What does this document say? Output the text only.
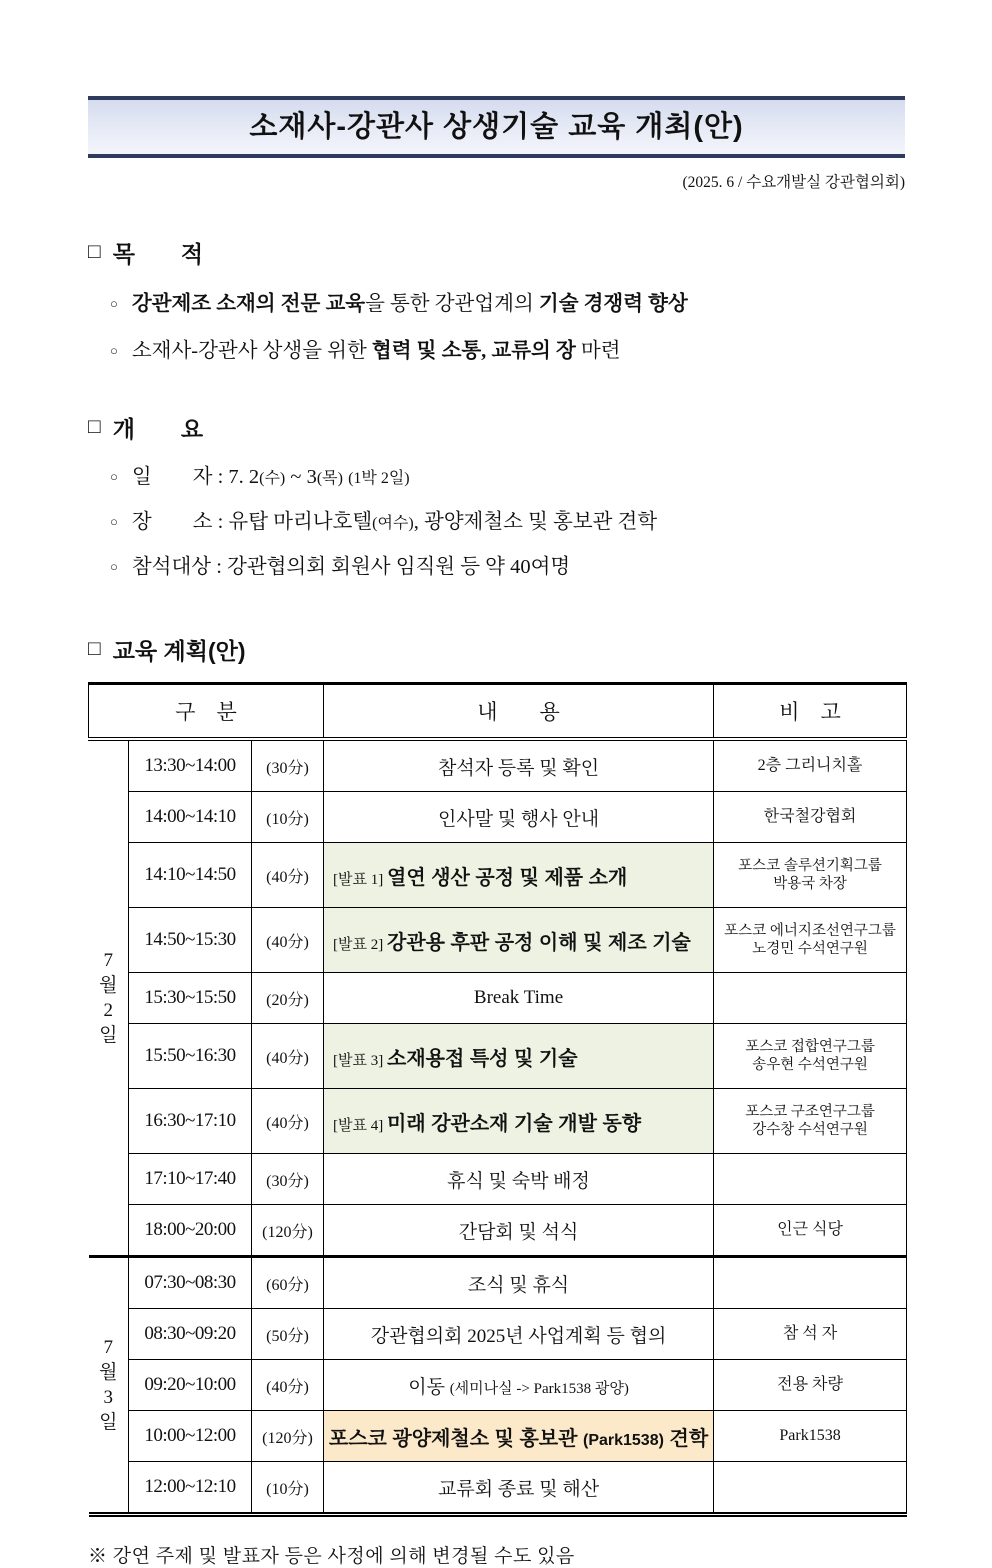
소재사-강관사 상생기술 교육 개최(안)
(2025. 6 / 수요개발실 강관협의회)
□ 목　　적
○ 강관제조 소재의 전문 교육을 통한 강관업계의 기술 경쟁력 향상
○ 소재사-강관사 상생을 위한 협력 및 소통, 교류의 장 마련
□ 개　　요
○ 일　　자 : 7. 2(수) ~ 3(목) (1박 2일)
○ 장　　소 : 유탑 마리나호텔(여수), 광양제철소 및 홍보관 견학
○ 참석대상 : 강관협의회 회원사 임직원 등 약 40여명
□ 교육 계획(안)
구　분			내　　용	비　고

7
월
2
일	13:30~14:00	(30分)	참석자 등록 및 확인	2층 그리니치홀

	14:00~14:10	(10分)	인사말 및 행사 안내	한국철강협회

	14:10~14:50	(40分)	[발표 1] 열연 생산 공정 및 제품 소개	포스코 솔루션기획그룹
박용국 차장

	14:50~15:30	(40分)	[발표 2] 강관용 후판 공정 이해 및 제조 기술	포스코 에너지조선연구그룹
노경민 수석연구원

	15:30~15:50	(20分)	Break Time	
	15:50~16:30	(40分)	[발표 3] 소재용접 특성 및 기술	포스코 접합연구그룹
송우현 수석연구원

	16:30~17:10	(40分)	[발표 4] 미래 강관소재 기술 개발 동향	포스코 구조연구그룹
강수창 수석연구원

	17:10~17:40	(30分)	휴식 및 숙박 배정	
	18:00~20:00	(120分)	간담회 및 석식	인근 식당

7
월
3
일	07:30~08:30	(60分)	조식 및 휴식	
	08:30~09:20	(50分)	강관협의회 2025년 사업계획 등 협의	참 석 자

	09:20~10:00	(40分)	이동 (세미나실 -> Park1538 광양)	전용 차량

	10:00~12:00	(120分)	포스코 광양제철소 및 홍보관 (Park1538) 견학	Park1538

	12:00~12:10	(10分)	교류회 종료 및 해산	
※ 강연 주제 및 발표자 등은 사정에 의해 변경될 수도 있음
